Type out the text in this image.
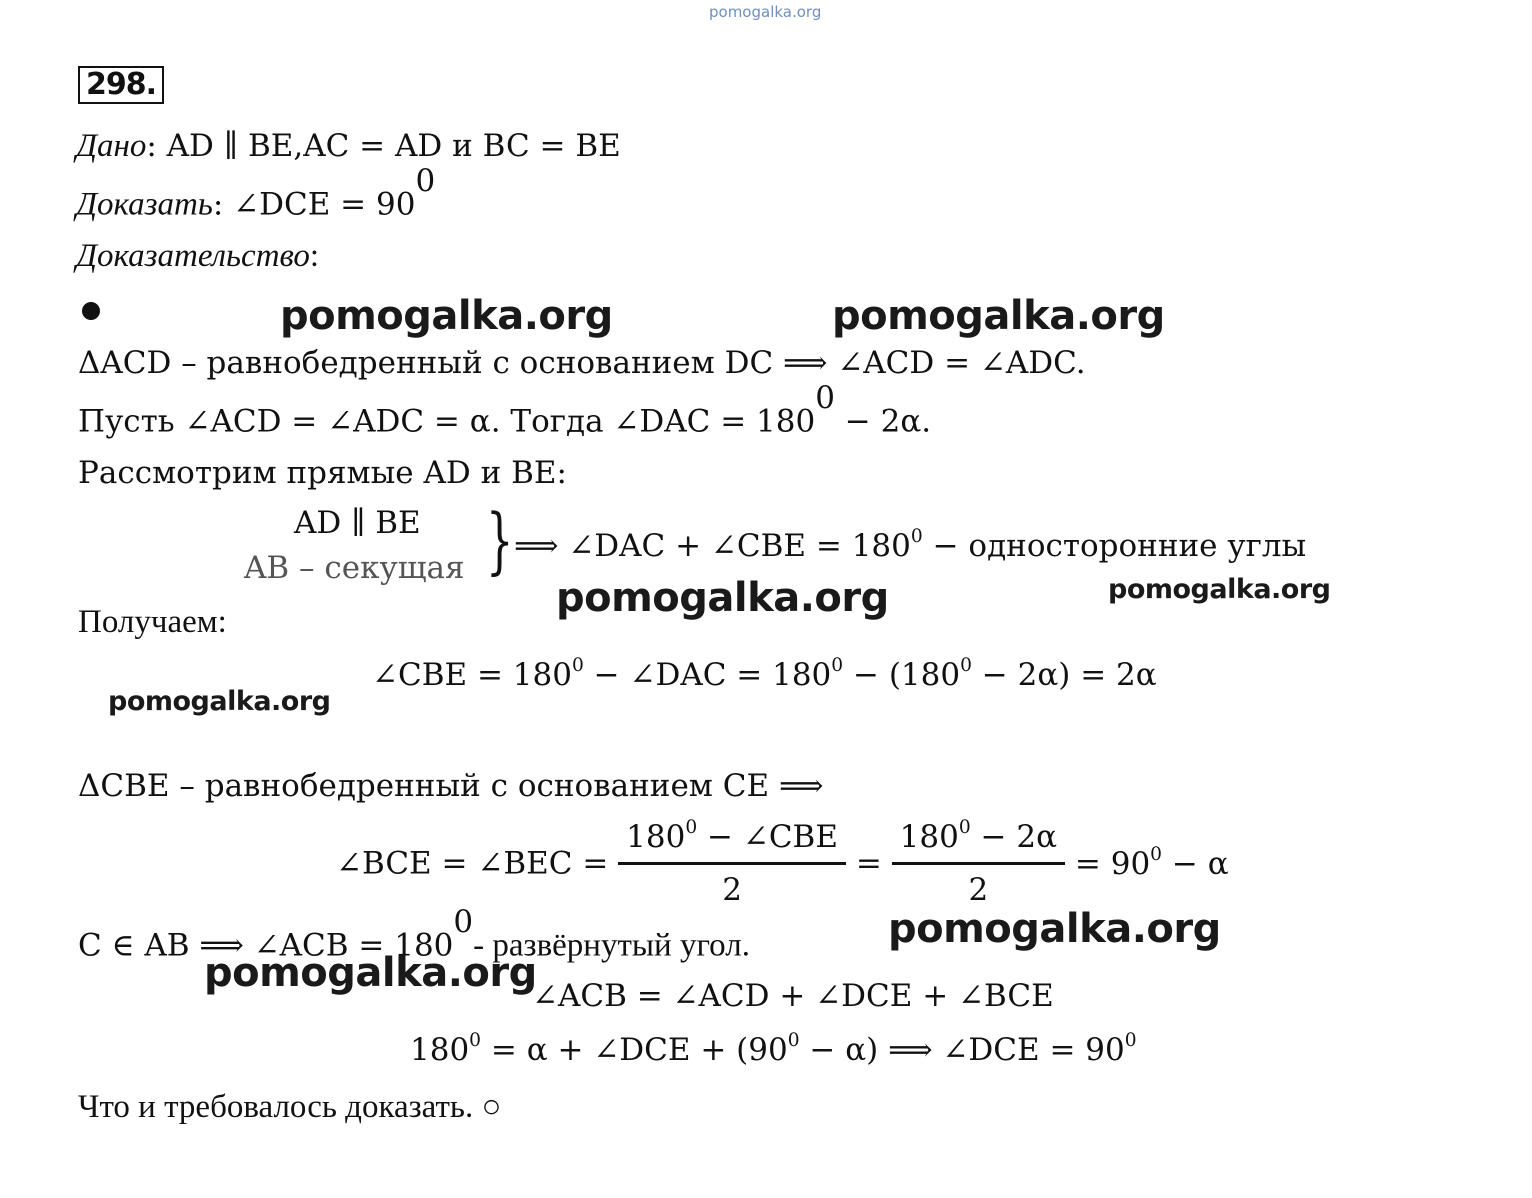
pomogalka.org
298.
Дано: AD ∥ BE,AC = AD и BC = BE
Доказать: ∠DCE = $90^0$
Доказательство:
pomogalka.org	pomogalka.org
ΔACD – равнобедренный с основанием DC ⟹ ∠ACD = ∠ADC.
Пусть ∠ACD = ∠ADC = α. Тогда ∠DAC = $180^0 - 2\alpha$.
Рассмотрим прямые AD и BE:
AD ∥ BE
AB – секущая } ⟹ ∠DAC + ∠CBE = $180^0$ − односторонние углы
pomogalka.org	pomogalka.org
Получаем:
∠CBE = $180^0$ − ∠DAC = $180^0 - (180^0 - 2\alpha) = 2\alpha$
pomogalka.org
ΔCBE – равнобедренный с основанием CE ⟹
∠BCE = ∠BEC = $\frac{180^0 - \angle CBE}{2} = \frac{180^0 - 2\alpha}{2} = 90^0 - \alpha$
C ∈ AB ⟹ ∠ACB = $180^0-$ развёрнутый угол.	pomogalka.org
pomogalka.org
∠ACB = ∠ACD + ∠DCE + ∠BCE
$180^0 = \alpha$ + ∠DCE + $(90^0 - \alpha)$ ⟹ ∠DCE = $90^0$
Что и требовалось доказать. ○
